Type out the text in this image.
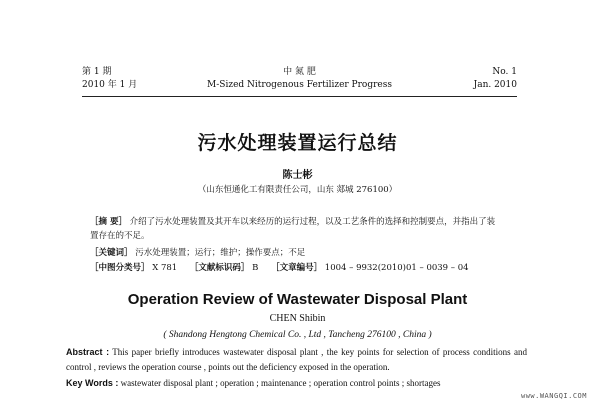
第 1 期
2010 年 1 月
中 氮 肥
M-Sized Nitrogenous Fertilizer Progress
No. 1
Jan. 2010
污水处理装置运行总结
陈士彬
（山东恒通化工有限责任公司，山东 郯城 276100）
［摘 要］ 介绍了污水处理装置及其开车以来经历的运行过程，以及工艺条件的选择和控制要点，并指出了装置存在的不足。
［关键词］ 污水处理装置；运行；维护；操作要点；不足
［中图分类号］ X 781 ［文献标识码］ B ［文章编号］ 1004 – 9932(2010)01 – 0039 – 04
Operation Review of Wastewater Disposal Plant
CHEN Shibin
( Shandong Hengtong Chemical Co. , Ltd , Tancheng 276100 , China )
Abstract : This paper briefly introduces wastewater disposal plant , the key points for selection of process conditions and control , reviews the operation course , points out the deficiency exposed in the operation.
Key Words : wastewater disposal plant ; operation ; maintenance ; operation control points ; shortages
www.WANGQI.COM
